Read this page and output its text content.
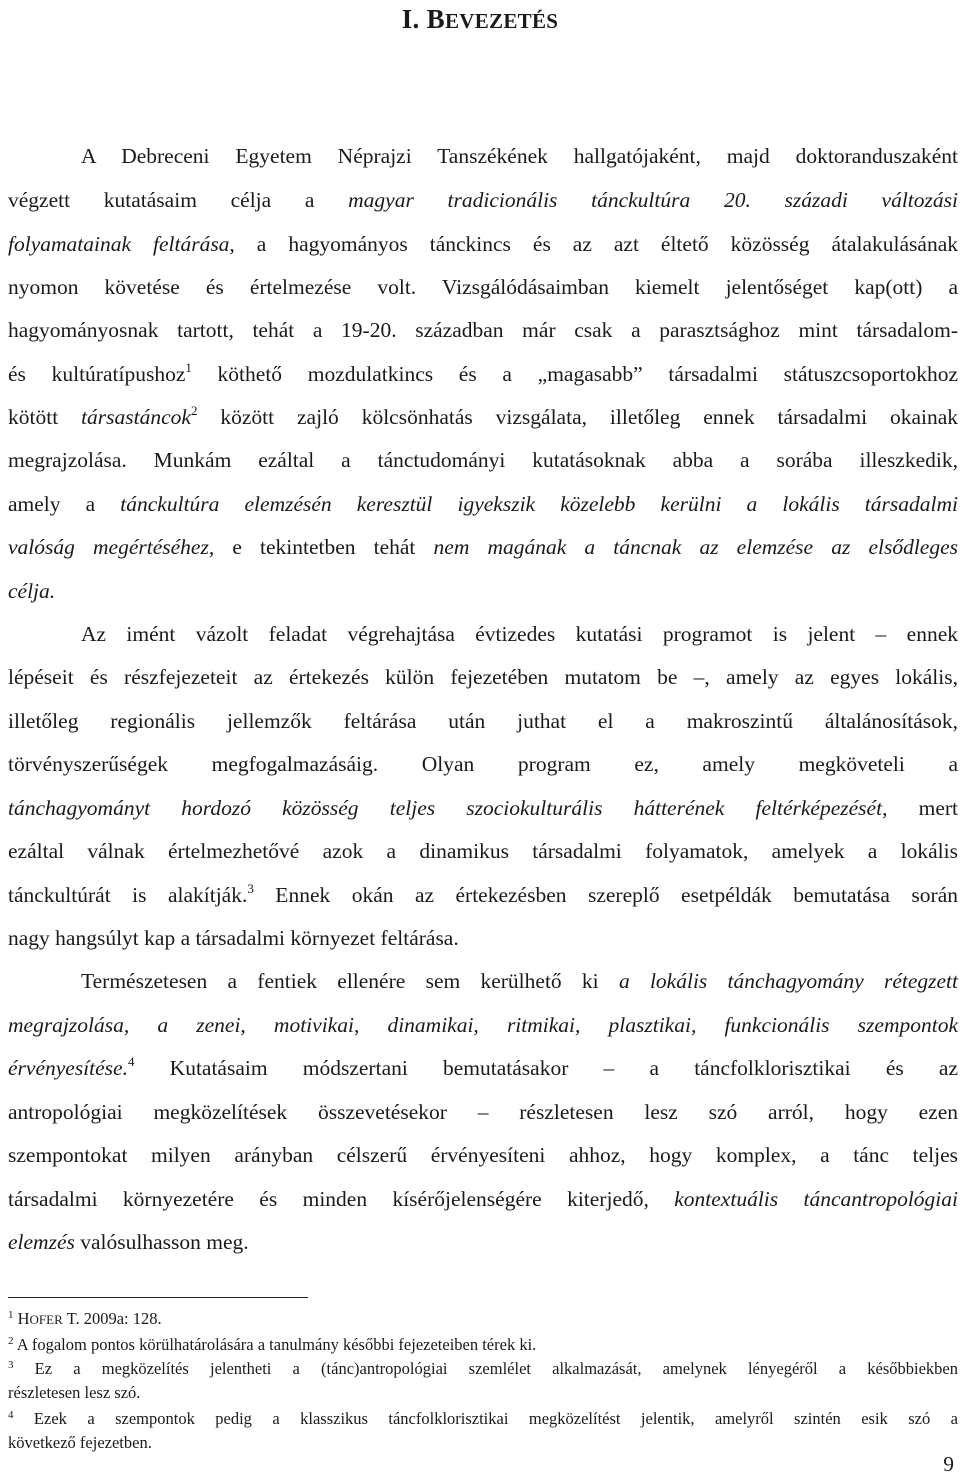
I. BEVEZETÉS
A Debreceni Egyetem Néprajzi Tanszékének hallgatójaként, majd doktoranduszaként
végzett kutatásaim célja a magyar tradicionális tánckultúra 20. századi változási
folyamatainak feltárása, a hagyományos tánckincs és az azt éltető közösség átalakulásának
nyomon követése és értelmezése volt. Vizsgálódásaimban kiemelt jelentőséget kap(ott) a
hagyományosnak tartott, tehát a 19-20. században már csak a parasztsághoz mint társadalom-
és kultúratípushoz$^1$ köthető mozdulatkincs és a „magasabb” társadalmi státuszcsoportokhoz
kötött társastáncok$^2$ között zajló kölcsönhatás vizsgálata, illetőleg ennek társadalmi okainak
megrajzolása. Munkám ezáltal a tánctudományi kutatásoknak abba a sorába illeszkedik,
amely a tánckultúra elemzésén keresztül igyekszik közelebb kerülni a lokális társadalmi
valóság megértéséhez, e tekintetben tehát nem magának a táncnak az elemzése az elsődleges
célja.
Az imént vázolt feladat végrehajtása évtizedes kutatási programot is jelent – ennek
lépéseit és részfejezeteit az értekezés külön fejezetében mutatom be –, amely az egyes lokális,
illetőleg regionális jellemzők feltárása után juthat el a makroszintű általánosítások,
törvényszerűségek megfogalmazásáig. Olyan program ez, amely megköveteli a
tánchagyományt hordozó közösség teljes szociokulturális hátterének feltérképezését, mert
ezáltal válnak értelmezhetővé azok a dinamikus társadalmi folyamatok, amelyek a lokális
tánckultúrát is alakítják.$^3$ Ennek okán az értekezésben szereplő esetpéldák bemutatása során
nagy hangsúlyt kap a társadalmi környezet feltárása.
Természetesen a fentiek ellenére sem kerülhető ki a lokális tánchagyomány rétegzett
megrajzolása, a zenei, motivikai, dinamikai, ritmikai, plasztikai, funkcionális szempontok
érvényesítése.$^4$ Kutatásaim módszertani bemutatásakor – a táncfolklorisztikai és az
antropológiai megközelítések összevetésekor – részletesen lesz szó arról, hogy ezen
szempontokat milyen arányban célszerű érvényesíteni ahhoz, hogy komplex, a tánc teljes
társadalmi környezetére és minden kísérőjelenségére kiterjedő, kontextuális táncantropológiai
elemzés valósulhasson meg.
$^1$ HOFER T. 2009a: 128.
$^2$ A fogalom pontos körülhatárolására a tanulmány későbbi fejezeteiben térek ki.
$^3$ Ez a megközelítés jelentheti a (tánc)antropológiai szemlélet alkalmazását, amelynek lényegéről a későbbiekben
részletesen lesz szó.
$^4$ Ezek a szempontok pedig a klasszikus táncfolklorisztikai megközelítést jelentik, amelyről szintén esik szó a
következő fejezetben.
9
